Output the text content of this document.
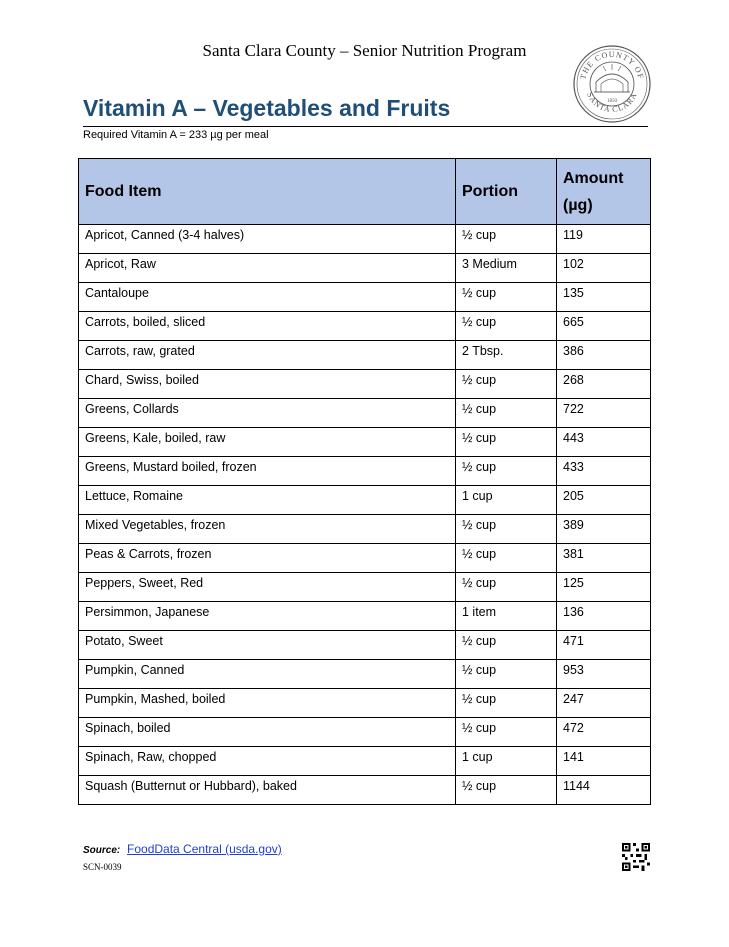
Santa Clara County – Senior Nutrition Program
THE COUNTY OF
SANTA CLARA
1850
Vitamin A – Vegetables and Fruits
Required Vitamin A = 233 µg per meal
Food Item	Portion	Amount (µg)
Apricot, Canned (3-4 halves)	½ cup	119
Apricot, Raw	3 Medium	102
Cantaloupe	½ cup	135
Carrots, boiled, sliced	½ cup	665
Carrots, raw, grated	2 Tbsp.	386
Chard, Swiss, boiled	½ cup	268
Greens, Collards	½ cup	722
Greens, Kale, boiled, raw	½ cup	443
Greens, Mustard boiled, frozen	½ cup	433
Lettuce, Romaine	1 cup	205
Mixed Vegetables, frozen	½ cup	389
Peas & Carrots, frozen	½ cup	381
Peppers, Sweet, Red	½ cup	125
Persimmon, Japanese	1 item	136
Potato, Sweet	½ cup	471
Pumpkin, Canned	½ cup	953
Pumpkin, Mashed, boiled	½ cup	247
Spinach, boiled	½ cup	472
Spinach, Raw, chopped	1 cup	141
Squash (Butternut or Hubbard), baked	½ cup	1144
Source: FoodData Central (usda.gov)
SCN-0039
